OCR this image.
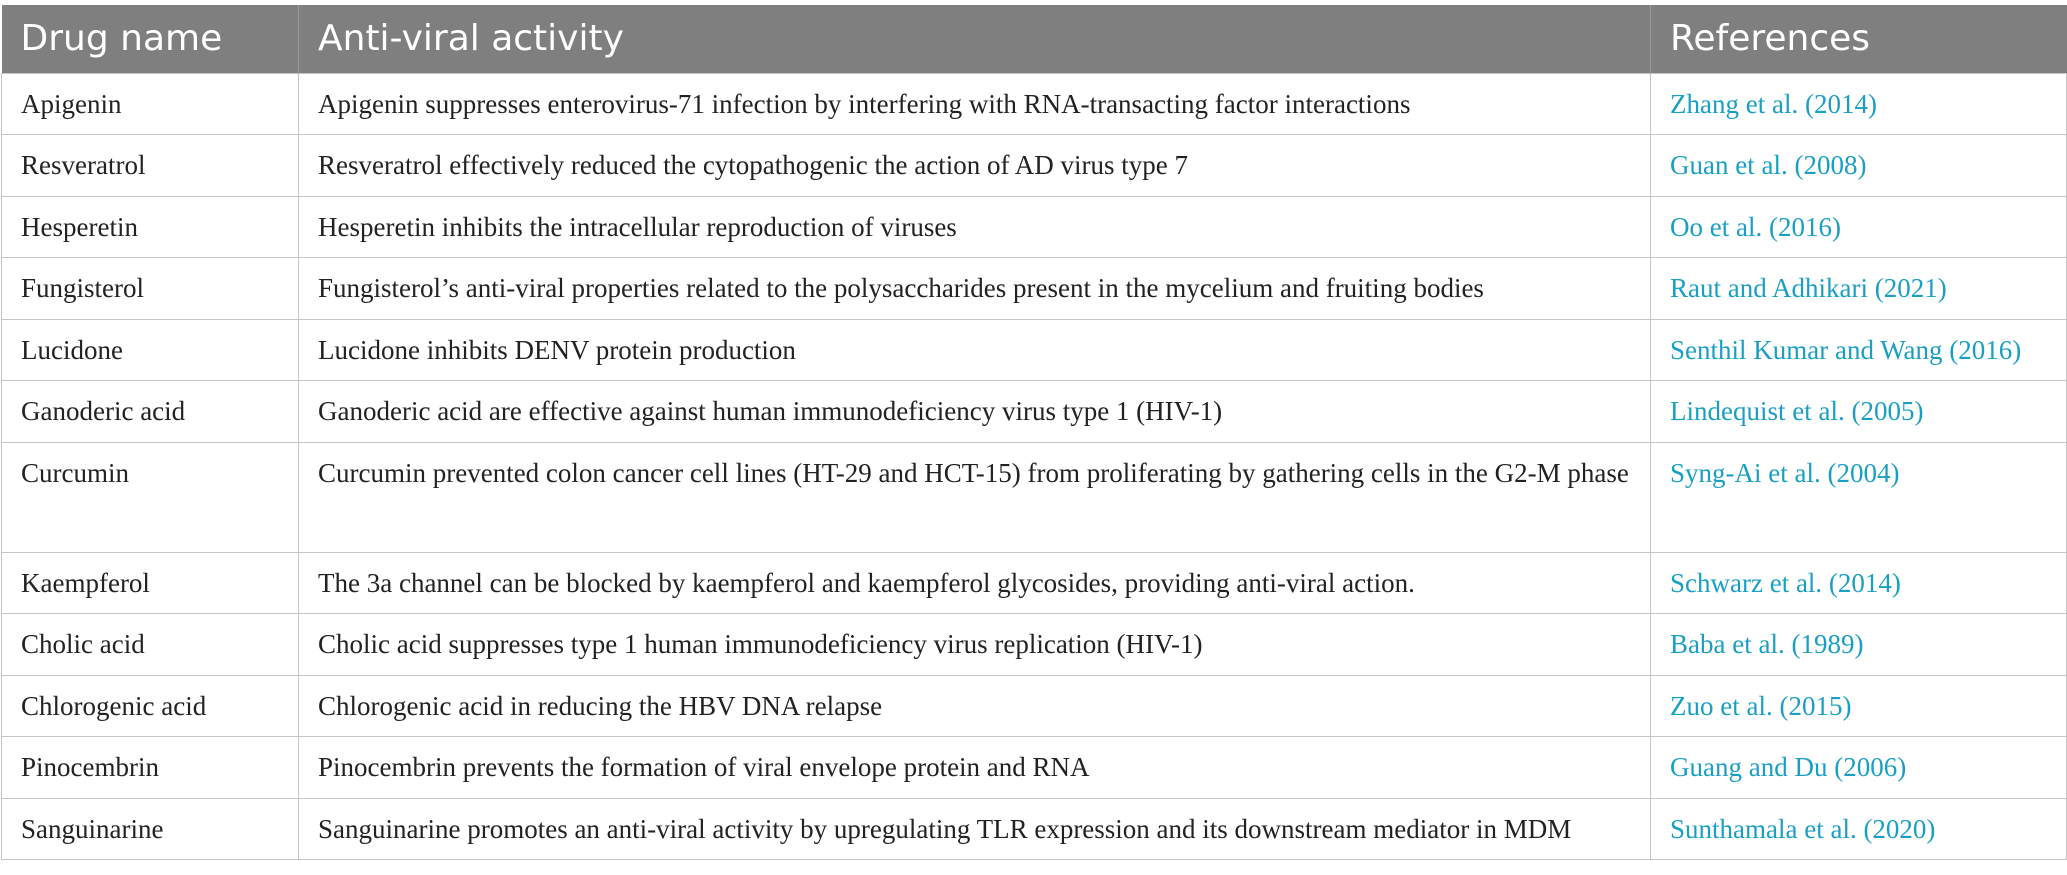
Drug name	Anti-viral activity	References
Apigenin	Apigenin suppresses enterovirus-71 infection by interfering with RNA-transacting factor interactions	Zhang et al. (2014)
Resveratrol	Resveratrol effectively reduced the cytopathogenic the action of AD virus type 7	Guan et al. (2008)
Hesperetin	Hesperetin inhibits the intracellular reproduction of viruses	Oo et al. (2016)
Fungisterol	Fungisterol’s anti-viral properties related to the polysaccharides present in the mycelium and fruiting bodies	Raut and Adhikari (2021)
Lucidone	Lucidone inhibits DENV protein production	Senthil Kumar and Wang (2016)
Ganoderic acid	Ganoderic acid are effective against human immunodeficiency virus type 1 (HIV-1)	Lindequist et al. (2005)
Curcumin	Curcumin prevented colon cancer cell lines (HT-29 and HCT-15) from proliferating by gathering cells in the G2-M phase	Syng-Ai et al. (2004)
Kaempferol	The 3a channel can be blocked by kaempferol and kaempferol glycosides, providing anti-viral action.	Schwarz et al. (2014)
Cholic acid	Cholic acid suppresses type 1 human immunodeficiency virus replication (HIV-1)	Baba et al. (1989)
Chlorogenic acid	Chlorogenic acid in reducing the HBV DNA relapse	Zuo et al. (2015)
Pinocembrin	Pinocembrin prevents the formation of viral envelope protein and RNA	Guang and Du (2006)
Sanguinarine	Sanguinarine promotes an anti-viral activity by upregulating TLR expression and its downstream mediator in MDM	Sunthamala et al. (2020)
